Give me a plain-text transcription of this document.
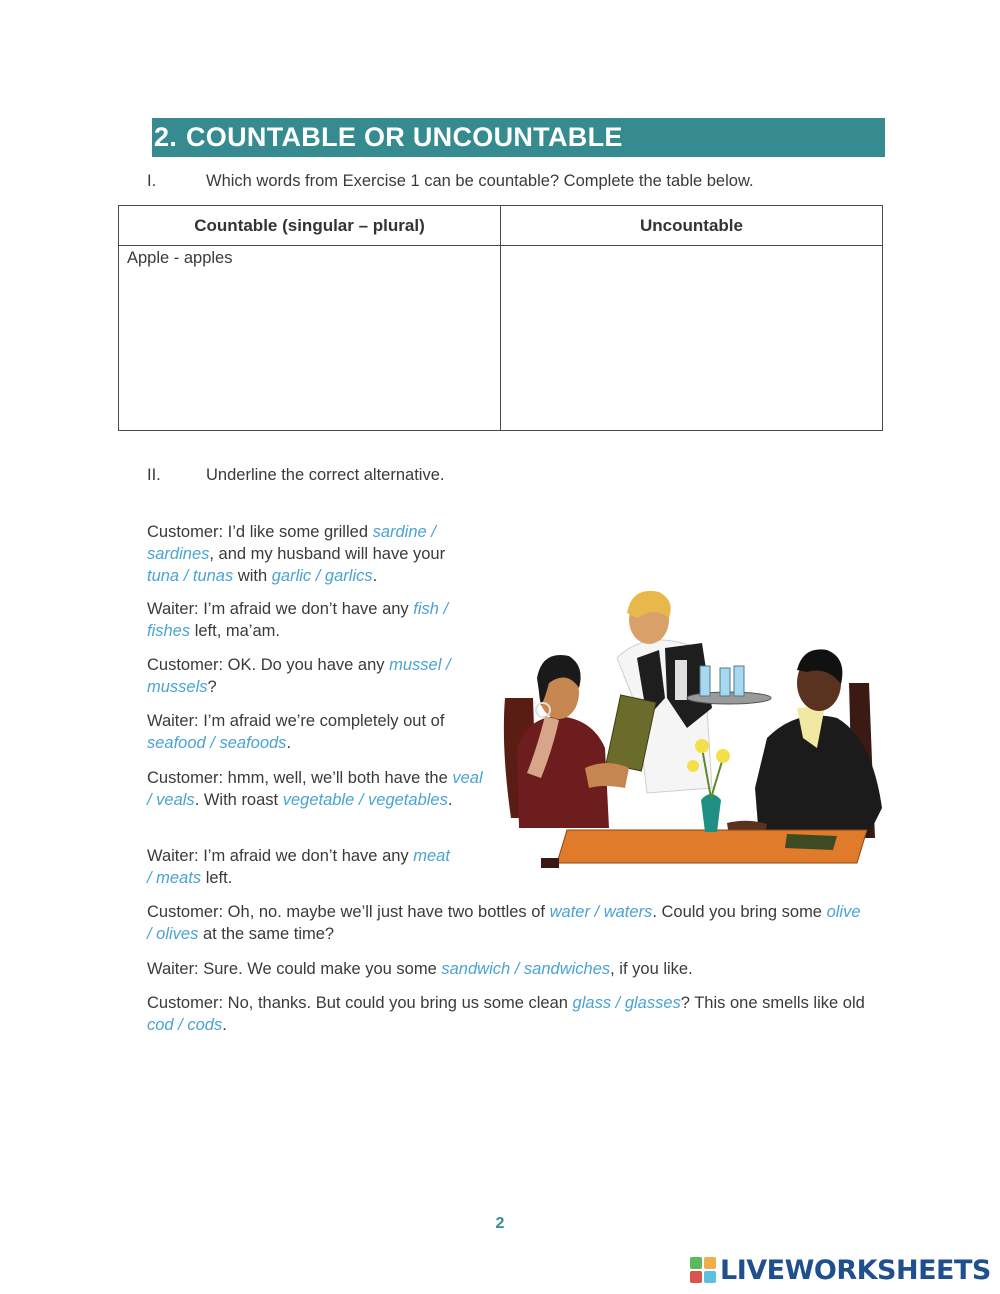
2. COUNTABLE OR UNCOUNTABLE
I.	Which words from Exercise 1 can be countable? Complete the table below.
Countable (singular – plural)	Uncountable
Apple - apples	
II.	Underline the correct alternative.

Customer: I’d like some grilled sardine / sardines, and my husband will have your tuna / tunas with garlic / garlics.

Waiter: I’m afraid we don’t have any fish / fishes left, ma’am.

Customer: OK. Do you have any mussel / mussels?

Waiter: I’m afraid we’re completely out of seafood / seafoods.

Customer: hmm, well, we’ll both have the veal / veals. With roast vegetable / vegetables.

Waiter: I’m afraid we don’t have any meat / meats left.

Customer: Oh, no. maybe we’ll just have two bottles of water / waters. Could you bring some olive / olives at the same time?

Waiter: Sure. We could make you some sandwich / sandwiches, if you like.

Customer: No, thanks. But could you bring us some clean glass / glasses? This one smells like old cod / cods.

2
LIVEWORKSHEETS
